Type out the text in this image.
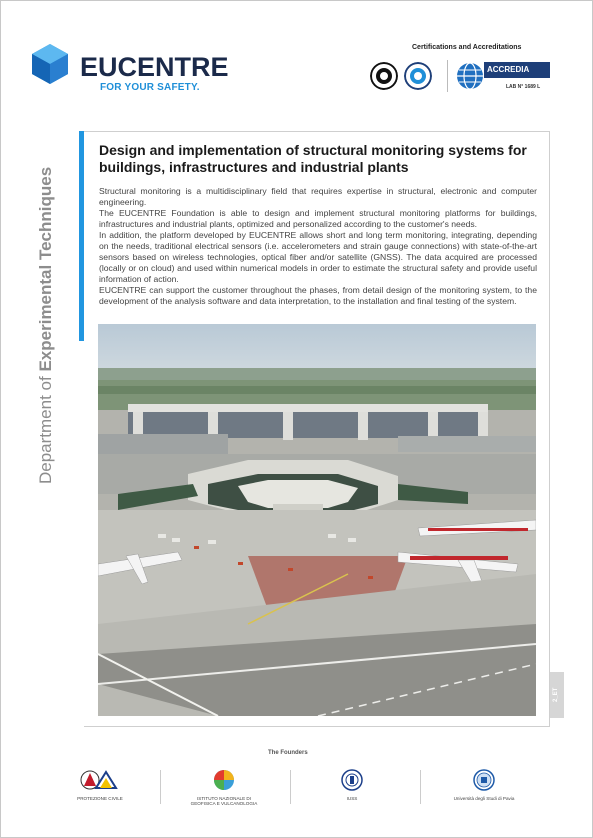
EUCENTRE
FOR YOUR SAFETY.
Certifications and Accreditations
ACCREDIA
LAB N° 1689 L
Department of Experimental Techniques
Design and implementation of structural monitoring systems for buildings, infrastructures and industrial plants

Structural monitoring is a multidisciplinary field that requires expertise in structural, electronic and computer engineering.

The EUCENTRE Foundation is able to design and implement structural monitoring platforms for buildings, infrastructures and industrial plants, optimized and personalized according to the customer's needs.

In addition, the platform developed by EUCENTRE allows short and long term monitoring, integrating, depending on the needs, traditional electrical sensors (i.e. accelerometers and strain gauge connections) with state-of-the-art sensors based on wireless technologies, optical fiber and/or satellite (GNSS). The data acquired are processed (locally or on cloud) and used within numerical models in order to estimate the structural safety and provide useful information of action.

EUCENTRE can support the customer throughout the phases, from detail design of the monitoring system, to the development of the analysis software and data interpretation, to the installation and final testing of the system.

2_ET
The Founders
PROTEZIONE CIVILE	ISTITUTO NAZIONALE DI GEOFISICA E VULCANOLOGIA
IUSS	Università degli Studi di Pavia
